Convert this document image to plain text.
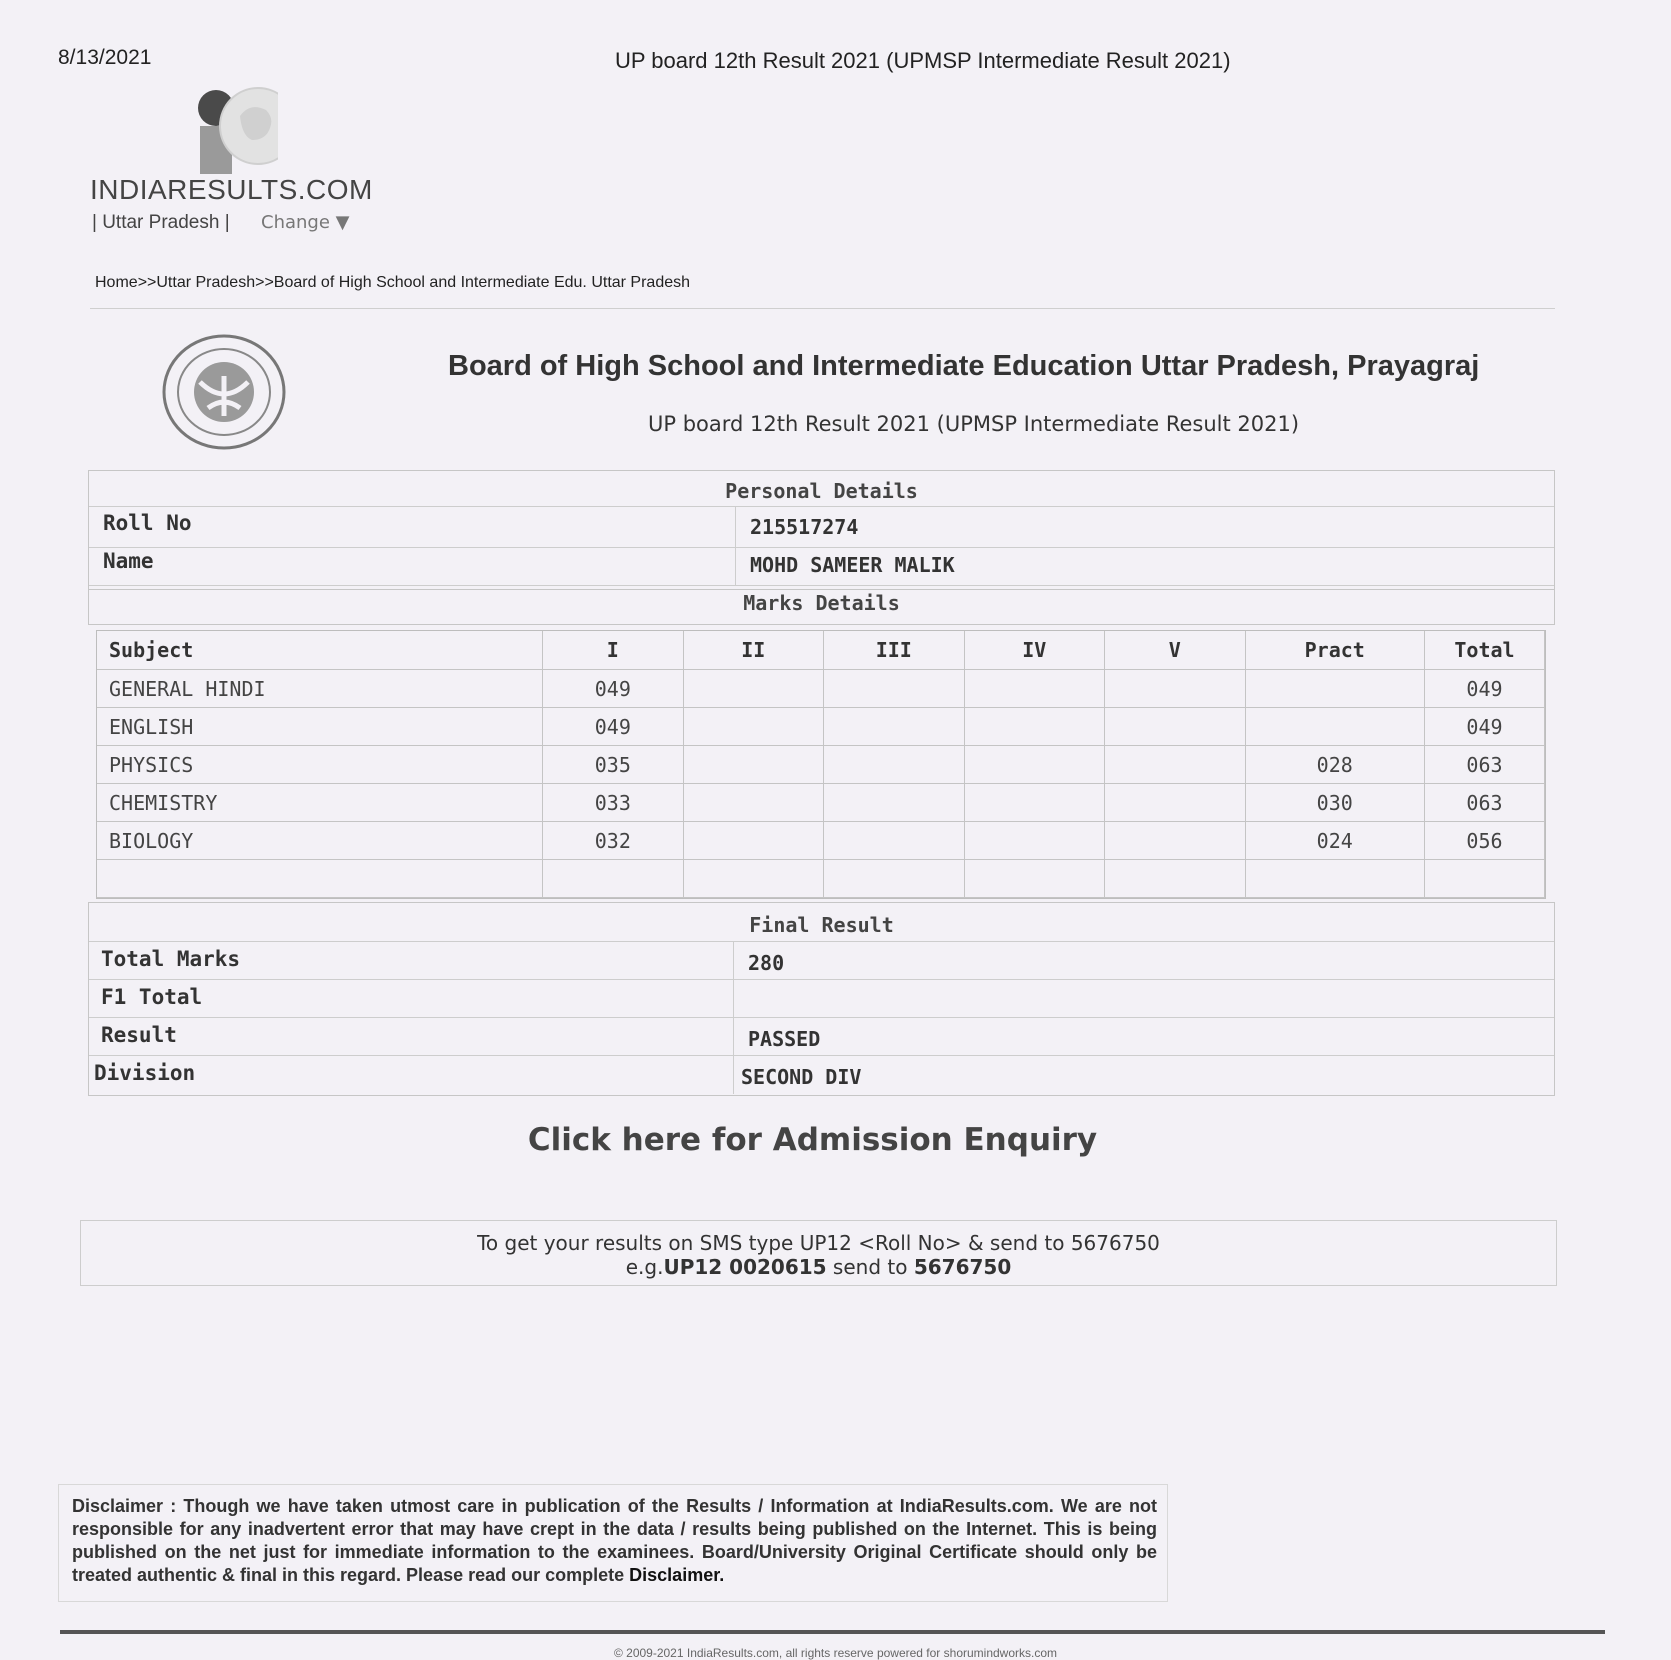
8/13/2021	UP board 12th Result 2021 (UPMSP Intermediate Result 2021)
INDIARESULTS.COM
| Uttar Pradesh | Change ▼
Home>>Uttar Pradesh>>Board of High School and Intermediate Edu. Uttar Pradesh
Board of High School and Intermediate Education Uttar Pradesh, Prayagraj
UP board 12th Result 2021 (UPMSP Intermediate Result 2021)
Personal Details
Roll No	215517274
Name	MOHD SAMEER MALIK
Marks Details
Subject	I	II	III	IV	V	Pract	Total
GENERAL HINDI	049						049
ENGLISH	049						049
PHYSICS	035					028	063
CHEMISTRY	033					030	063
BIOLOGY	032					024	056

Final Result
Total Marks	280
F1 Total
Result	PASSED
Division	SECOND DIV
Click here for Admission Enquiry
To get your results on SMS type UP12 <Roll No> & send to 5676750
e.g.UP12 0020615 send to 5676750
Disclaimer : Though we have taken utmost care in publication of the Results / Information at IndiaResults.com. We are not responsible for any inadvertent error that may have crept in the data / results being published on the Internet. This is being published on the net just for immediate information to the examinees. Board/University Original Certificate should only be treated authentic & final in this regard. Please read our complete Disclaimer.
© 2009-2021 IndiaResults.com, all rights reserve powered for shorumindworks.com
